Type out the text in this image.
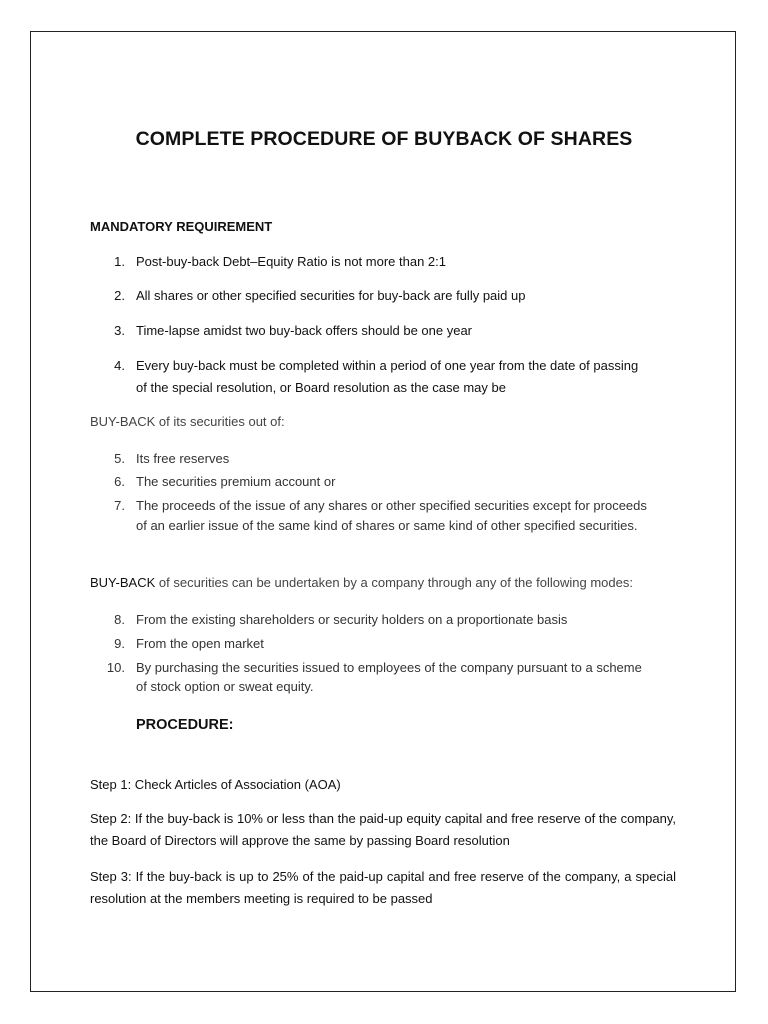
COMPLETE PROCEDURE OF BUYBACK OF SHARES
MANDATORY REQUIREMENT
1. Post-buy-back Debt–Equity Ratio is not more than 2:1
2. All shares or other specified securities for buy-back are fully paid up
3. Time-lapse amidst two buy-back offers should be one year
4. Every buy-back must be completed within a period of one year from the date of passing
of the special resolution, or Board resolution as the case may be
BUY-BACK of its securities out of:
5. Its free reserves
6. The securities premium account or
7. The proceeds of the issue of any shares or other specified securities except for proceeds
of an earlier issue of the same kind of shares or same kind of other specified securities.
BUY-BACK of securities can be undertaken by a company through any of the following modes:
8. From the existing shareholders or security holders on a proportionate basis
9. From the open market
10. By purchasing the securities issued to employees of the company pursuant to a scheme
of stock option or sweat equity.
PROCEDURE:
Step 1: Check Articles of Association (AOA)
Step 2: If the buy-back is 10% or less than the paid-up equity capital and free reserve of the company, the Board of Directors will approve the same by passing Board resolution
Step 3: If the buy-back is up to 25% of the paid-up capital and free reserve of the company, a special resolution at the members meeting is required to be passed
